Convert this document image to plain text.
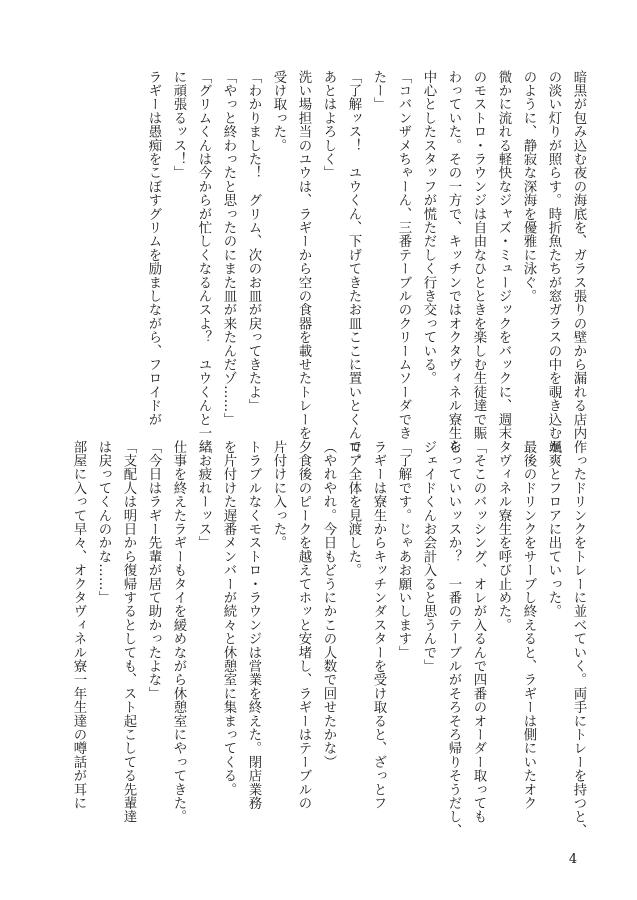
暗黒が包み込む夜の海底を、ガラス張りの壁から漏れる店内
の淡い灯りが照らす。時折魚たちが窓ガラスの中を覗き込むか
のように、静寂な深海を優雅に泳ぐ。
微かに流れる軽快なジャズ・ミュージックをバックに、週末
のモストロ・ラウンジは自由なひとときを楽しむ生徒達で賑
わっていた。その一方で、キッチンではオクタヴィネル寮生を
中心としたスタッフが慌ただしく行き交っている。
「コバンザメちゃーん、三番テーブルのクリームソーダでき
たー」
「了解ッス！　ユウくん、下げてきたお皿ここに置いとくんで。
あとはよろしく」
洗い場担当のユウは、ラギーから空の食器を載せたトレーを
受け取った。
「わかりました！　グリム、次のお皿が戻ってきたよ」
「やっと終わったと思ったのにまた皿が来たんだゾ……」
「グリムくんは今からが忙しくなるんスよ？　ユウくんと一緒
に頑張るッス！」
ラギーは愚痴をこぼすグリムを励ましながら、フロイドが
作ったドリンクをトレーに並べていく。両手にトレーを持つと、
颯爽とフロアに出ていった。
最後のドリンクをサーブし終えると、ラギーは側にいたオク
タヴィネル寮生を呼び止めた。
「そこのバッシング、オレが入るんで四番のオーダー取っても
らっていいッスか？　一番のテーブルがそろそろ帰りそうだし、
ジェイドくんお会計入ると思うんで」
「了解です。じゃあお願いします」
ラギーは寮生からキッチンダスターを受け取ると、ざっとフ
ロア全体を見渡した。
（やれやれ。今日もどうにかこの人数で回せたかな）
夕食後のピークを越えてホッと安堵し、ラギーはテーブルの
片付けに入った。
トラブルなくモストロ・ラウンジは営業を終えた。閉店業務
を片付けた遅番メンバーが続々と休憩室に集まってくる。
「お疲れーッス」
仕事を終えたラギーもタイを緩めながら休憩室にやってきた。
「今日はラギー先輩が居て助かったよな」
「支配人は明日から復帰するとしても、スト起こしてる先輩達
は戻ってくんのかな……」
部屋に入って早々、オクタヴィネル寮一年生達の噂話が耳に
4
